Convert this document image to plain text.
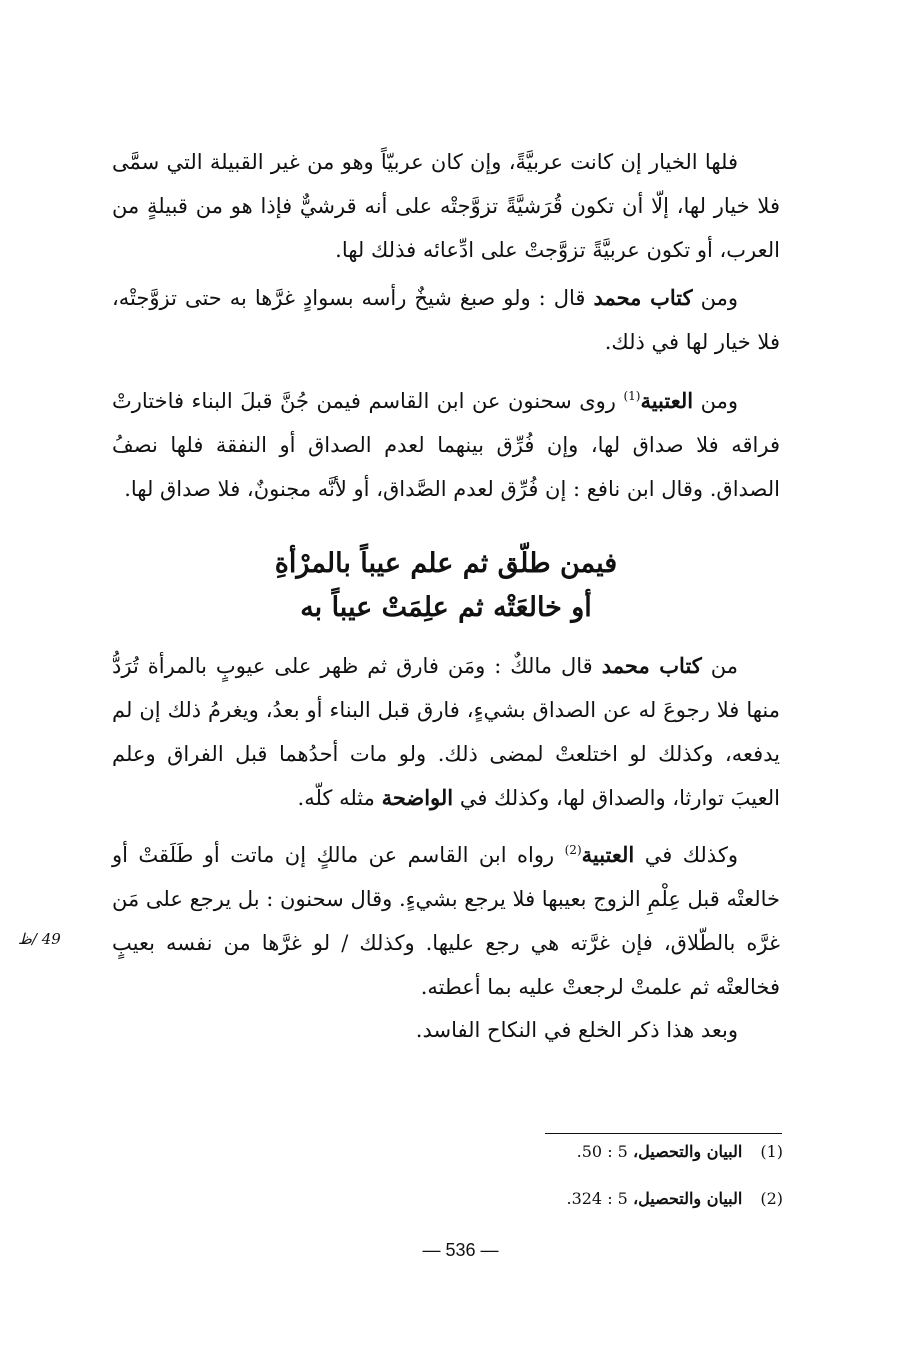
فلها الخيار إن كانت عربيَّةً، وإن كان عربيّاً وهو من غير القبيلة التي سمَّى فلا خيار لها، إلّا أن تكون قُرَشيَّةً تزوَّجتْه على أنه قرشيٌّ فإذا هو من قبيلةٍ من العرب، أو تكون عربيَّةً تزوَّجتْ على ادِّعائه فذلك لها.

ومن كتاب محمد قال : ولو صبغ شيخٌ رأسه بسوادٍ غرَّها به حتى تزوَّجتْه، فلا خيار لها في ذلك.

ومن العتبية$^{(1)}$ روى سحنون عن ابن القاسم فيمن جُنَّ قبلَ البناء فاختارتْ فراقه فلا صداق لها، وإن فُرِّق بينهما لعدم الصداق أو النفقة فلها نصفُ الصداق. وقال ابن نافع : إن فُرِّق لعدم الصَّداق، أو لأنَّه مجنونٌ، فلا صداق لها.

فيمن طلّق ثم علم عيباً بالمرْأةِ
أو خالعَتْه ثم علِمَتْ عيباً به

من كتاب محمد قال مالكٌ : ومَن فارق ثم ظهر على عيوبٍ بالمرأة تُرَدُّ منها فلا رجوعَ له عن الصداق بشيءٍ، فارق قبل البناء أو بعدُ، ويغرمُ ذلك إن لم يدفعه، وكذلك لو اختلعتْ لمضى ذلك. ولو مات أحدُهما قبل الفراق وعلم العيبَ توارثا، والصداق لها، وكذلك في الواضحة مثله كلّه.

وكذلك في العتبية$^{(2)}$ رواه ابن القاسم عن مالكٍ إن ماتت أو طَلَقتْ أو خالعتْه قبل عِلْمِ الزوج بعيبها فلا يرجع بشيءٍ. وقال سحنون : بل يرجع على مَن غرَّه بالطّلاق، فإن غرَّته هي رجع عليها. وكذلك / لو غرَّها من نفسه بعيبٍ فخالعتْه ثم علمتْ لرجعتْ عليه بما أعطته.

وبعد هذا ذكر الخلع في النكاح الفاسد.

49 /ظ
(1)البيان والتحصيل، 5 : 50.
(2)البيان والتحصيل، 5 : 324.
— 536 —
